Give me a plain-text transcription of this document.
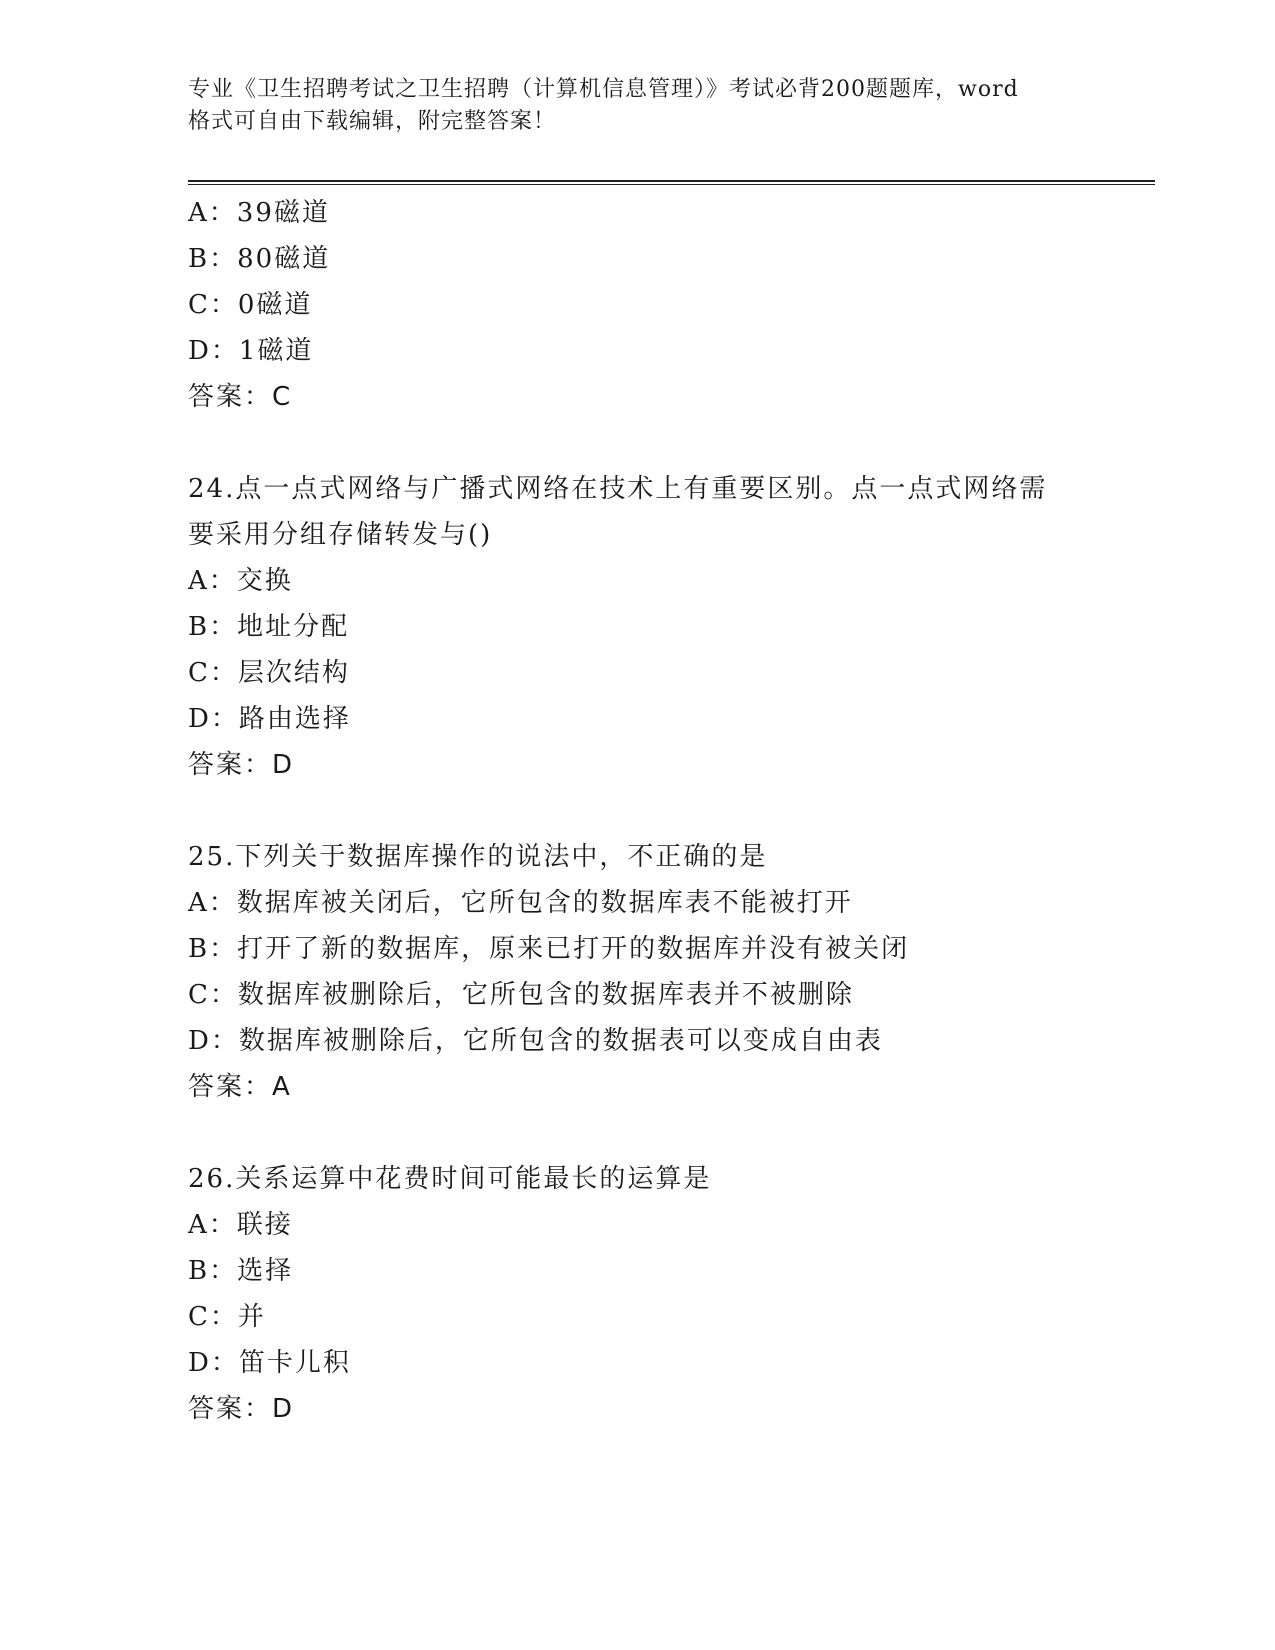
专业《卫生招聘考试之卫生招聘（计算机信息管理）》考试必背200题题库，word
格式可自由下载编辑，附完整答案！
A：39磁道
B：80磁道
C：0磁道
D：1磁道
答案：C
24.点一点式网络与广播式网络在技术上有重要区别。点一点式网络需
要采用分组存储转发与()
A：交换
B：地址分配
C：层次结构
D：路由选择
答案：D
25.下列关于数据库操作的说法中，不正确的是
A：数据库被关闭后，它所包含的数据库表不能被打开
B：打开了新的数据库，原来已打开的数据库并没有被关闭
C：数据库被删除后，它所包含的数据库表并不被删除
D：数据库被删除后，它所包含的数据表可以变成自由表
答案：A
26.关系运算中花费时间可能最长的运算是
A：联接
B：选择
C：并
D：笛卡儿积
答案：D
